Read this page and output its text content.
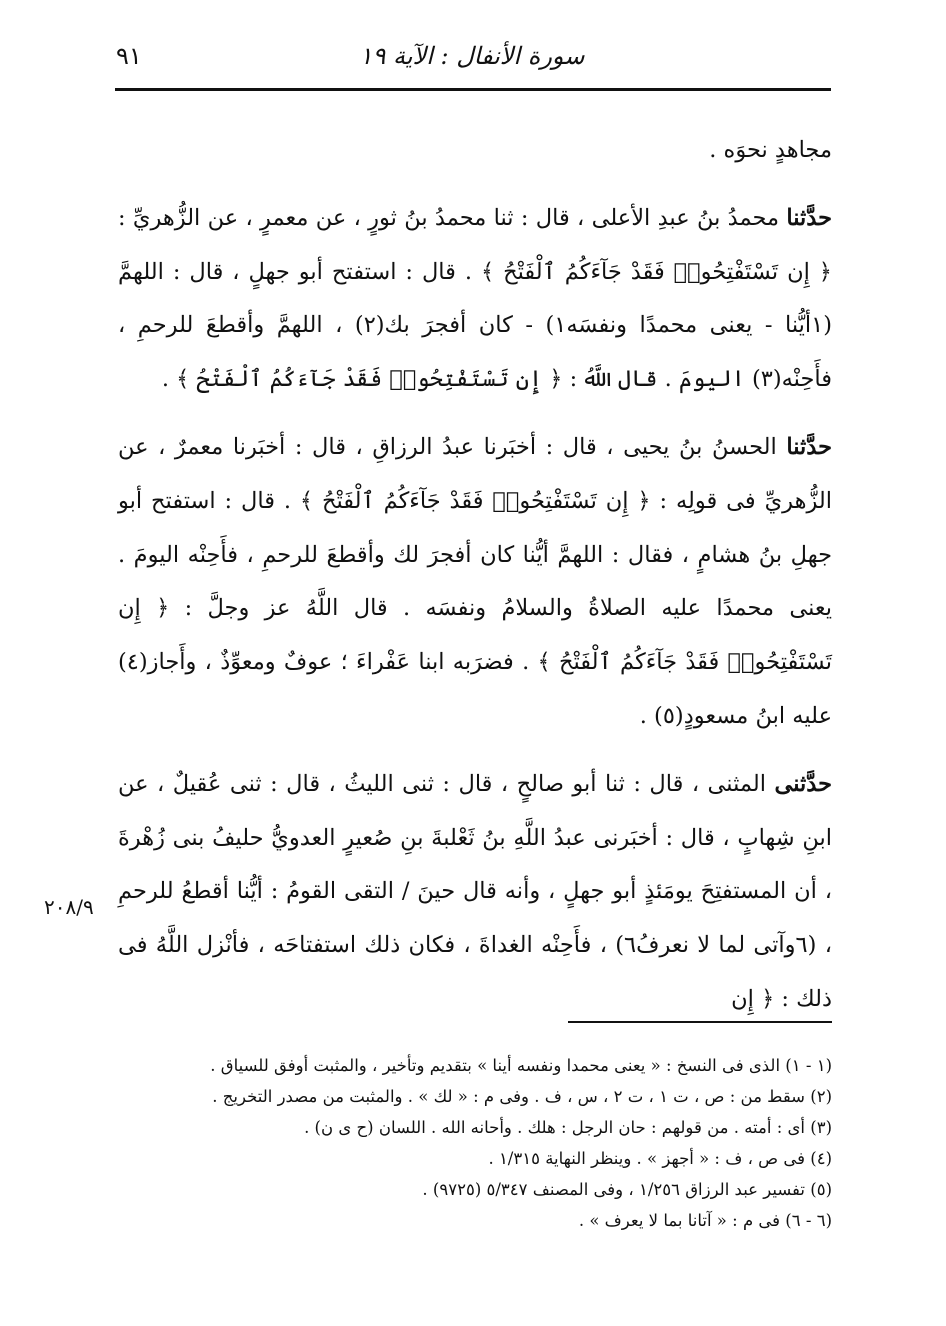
سورة الأنفال : الآية ١٩
٩١

مجاهدٍ نحوَه .

حدَّثنا محمدُ بنُ عبدِ الأعلى ، قال : ثنا محمدُ بنُ ثورٍ ، عن معمرٍ ، عن الزُّهريِّ : ﴿ إِن تَسْتَفْتِحُوا۟ فَقَدْ جَآءَكُمُ ٱلْفَتْحُ ﴾ . قال : استفتح أبو جهلٍ ، قال : اللهمَّ (١أيُّنا - يعنى محمدًا ونفسَه١) - كان أفجرَ بك(٢) ، اللهمَّ وأقطعَ للرحمِ ، فأَحِنْه(٣) اليومَ . قال اللَّهُ : ﴿ إِن تَسْتَفْتِحُوا۟ فَقَدْ جَآءَكُمُ ٱلْفَتْحُ ﴾ .

حدَّثنا الحسنُ بنُ يحيى ، قال : أخبَرنا عبدُ الرزاقِ ، قال : أخبَرنا معمرٌ ، عن الزُّهريِّ فى قولِه : ﴿ إِن تَسْتَفْتِحُوا۟ فَقَدْ جَآءَكُمُ ٱلْفَتْحُ ﴾ . قال : استفتح أبو جهلِ بنُ هشامٍ ، فقال : اللهمَّ أيُّنا كان أفجرَ لك وأقطعَ للرحمِ ، فأَحِنْه اليومَ . يعنى محمدًا عليه الصلاةُ والسلامُ ونفسَه . قال اللَّهُ عز وجلَّ : ﴿ إِن تَسْتَفْتِحُوا۟ فَقَدْ جَآءَكُمُ ٱلْفَتْحُ ﴾ . فضرَبه ابنا عَفْراءَ ؛ عوفٌ ومعوِّذٌ ، وأَجاز(٤) عليه ابنُ مسعودٍ(٥) .

حدَّثنى المثنى ، قال : ثنا أبو صالحٍ ، قال : ثنى الليثُ ، قال : ثنى عُقيلٌ ، عن ابنِ شِهابٍ ، قال : أخبَرنى عبدُ اللَّهِ بنُ ثَعْلبةَ بنِ صُعيرٍ العدويُّ حليفُ بنى زُهْرةَ ، أن المستفتِحَ يومَئذٍ أبو جهلٍ ، وأنه قال حينَ / التقى القومُ : أيُّنا أقطعُ للرحمِ ، (٦وآتى لما لا نعرفُ٦) ، فأَحِنْه الغداةَ ، فكان ذلك استفتاحَه ، فأنْزل اللَّهُ فى ذلك : ﴿ إِن

٢٠٨/٩
(١ - ١) الذى فى النسخ : « يعنى محمدا ونفسه أينا » بتقديم وتأخير ، والمثبت أوفق للسياق .
(٢) سقط من : ص ، ت ١ ، ت ٢ ، س ، ف . وفى م : « لك » . والمثبت من مصدر التخريج .
(٣) أى : أمته . من قولهم : حان الرجل : هلك . وأحانه الله . اللسان (ح ى ن) .
(٤) فى ص ، ف : « أجهز » . وينظر النهاية ١/٣١٥ .
(٥) تفسير عبد الرزاق ١/٢٥٦ ، وفى المصنف ٥/٣٤٧ (٩٧٢٥) .
(٦ - ٦) فى م : « آتانا بما لا يعرف » .
